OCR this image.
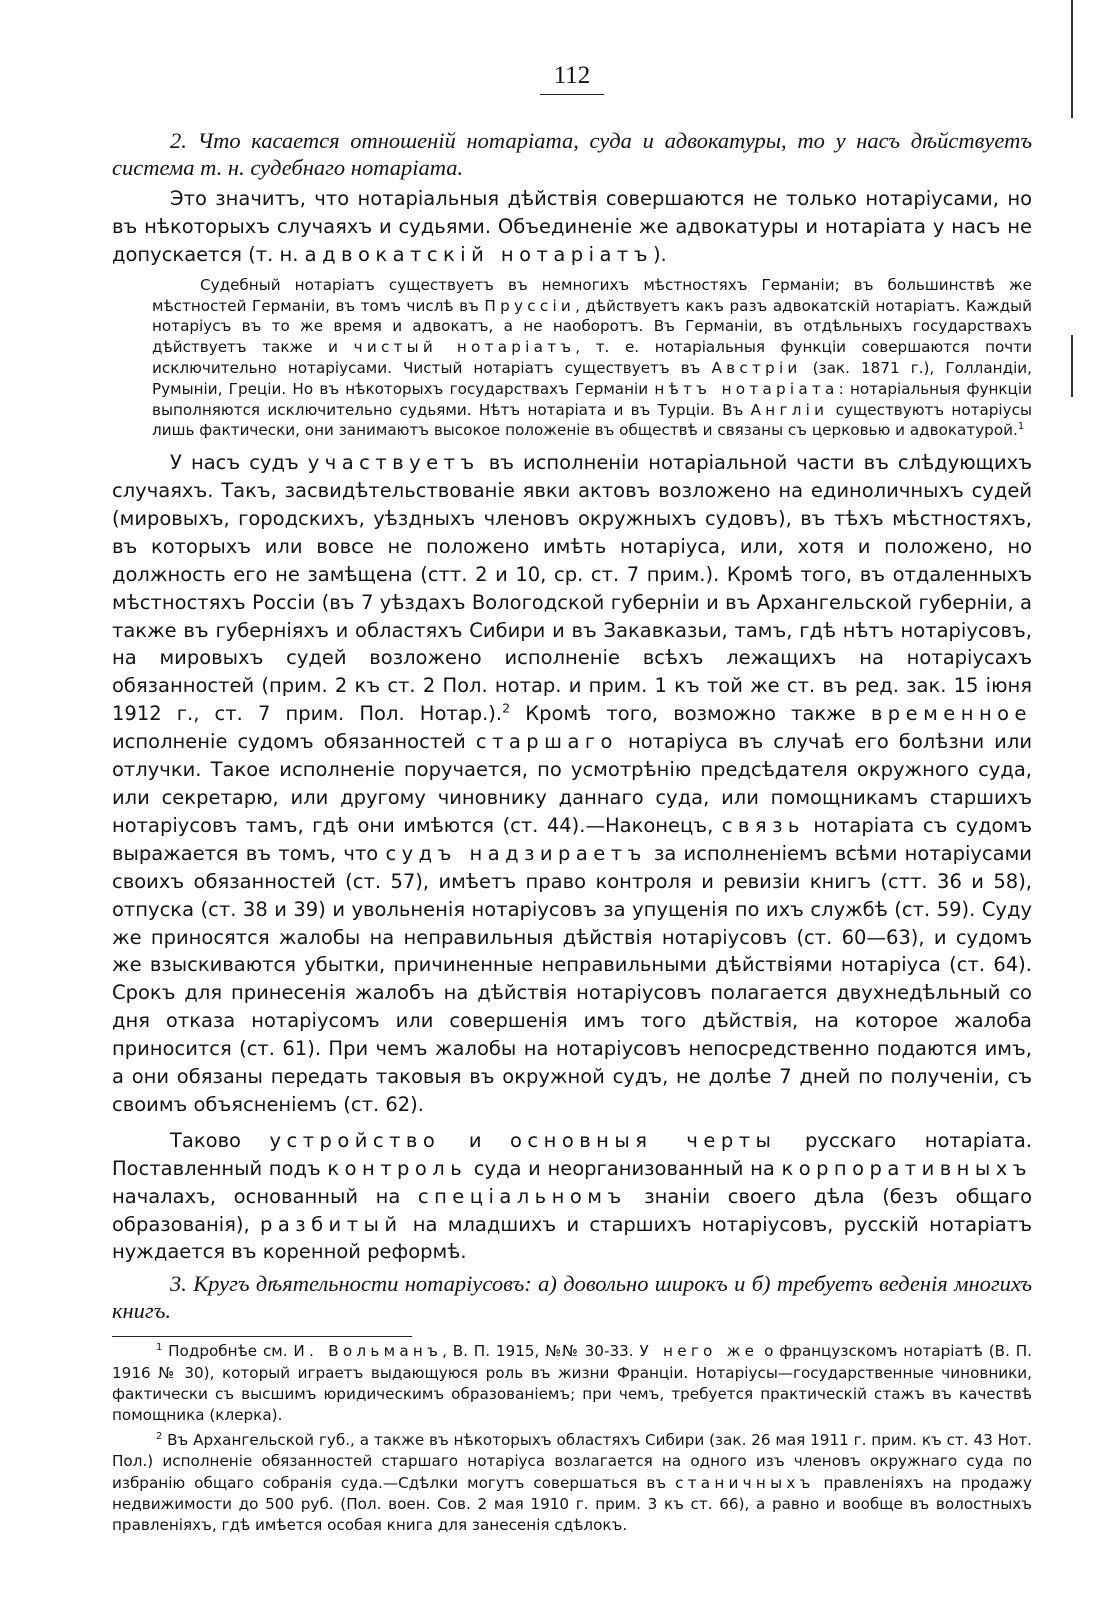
112

2. Что касается отношеній нотаріата, суда и адвокатуры, то у насъ дѣйствуетъ система т. н. судебнаго нотаріата.

Это значитъ, что нотаріальныя дѣйствія совершаются не только нотаріусами, но въ нѣкоторыхъ случаяхъ и судьями. Объединеніе же адвокатуры и нотаріата у насъ не допускается (т. н. адвокатскій нотаріатъ).

Судебный нотаріатъ существуетъ въ немногихъ мѣстностяхъ Германіи; въ большинствѣ же мѣстностей Германіи, въ томъ числѣ въ Пруссіи, дѣйствуетъ какъ разъ адвокатскій нотаріатъ. Каждый нотаріусъ въ то же время и адвокатъ, а не наоборотъ. Въ Германіи, въ отдѣльныхъ государствахъ дѣйствуетъ также и чистый нотаріатъ, т. е. нотаріальныя функціи совершаются почти исключительно нотаріусами. Чистый нотаріатъ существуетъ въ Австріи (зак. 1871 г.), Голландіи, Румыніи, Греціи. Но въ нѣкоторыхъ государствахъ Германіи нѣтъ нотаріата: нотаріальныя функціи выполняются исключительно судьями. Нѣтъ нотаріата и въ Турціи. Въ Англіи существуютъ нотаріусы лишь фактически, они занимаютъ высокое положеніе въ обществѣ и связаны съ церковью и адвокатурой.$^1$

У насъ судъ участвуетъ въ исполненіи нотаріальной части въ слѣдующихъ случаяхъ. Такъ, засвидѣтельствованіе явки актовъ возложено на единоличныхъ судей (мировыхъ, городскихъ, уѣздныхъ членовъ окружныхъ судовъ), въ тѣхъ мѣстностяхъ, въ которыхъ или вовсе не положено имѣть нотаріуса, или, хотя и положено, но должность его не замѣщена (стт. 2 и 10, ср. ст. 7 прим.). Кромѣ того, въ отдаленныхъ мѣстностяхъ Россіи (въ 7 уѣздахъ Вологодской губерніи и въ Архангельской губерніи, а также въ губерніяхъ и областяхъ Сибири и въ Закавказьи, тамъ, гдѣ нѣтъ нотаріусовъ, на мировыхъ судей возложено исполненіе всѣхъ лежащихъ на нотаріусахъ обязанностей (прим. 2 къ ст. 2 Пол. нотар. и прим. 1 къ той же ст. въ ред. зак. 15 іюня 1912 г., ст. 7 прим. Пол. Нотар.).$^2$ Кромѣ того, возможно также временное исполненіе судомъ обязанностей старшаго нотаріуса въ случаѣ его болѣзни или отлучки. Такое исполненіе поручается, по усмотрѣнію предсѣдателя окружного суда, или секретарю, или другому чиновнику даннаго суда, или помощникамъ старшихъ нотаріусовъ тамъ, гдѣ они имѣются (ст. 44).—Наконецъ, связь нотаріата съ судомъ выражается въ томъ, что судъ надзираетъ за исполненіемъ всѣми нотаріусами своихъ обязанностей (ст. 57), имѣетъ право контроля и ревизіи книгъ (стт. 36 и 58), отпуска (ст. 38 и 39) и увольненія нотаріусовъ за упущенія по ихъ службѣ (ст. 59). Суду же приносятся жалобы на неправильныя дѣйствія нотаріусовъ (ст. 60—63), и судомъ же взыскиваются убытки, причиненные неправильными дѣйствіями нотаріуса (ст. 64). Срокъ для принесенія жалобъ на дѣйствія нотаріусовъ полагается двухнедѣльный со дня отказа нотаріусомъ или совершенія имъ того дѣйствія, на которое жалоба приносится (ст. 61). При чемъ жалобы на нотаріусовъ непосредственно подаются имъ, а они обязаны передать таковыя въ окружной судъ, не долѣе 7 дней по полученіи, съ своимъ объясненіемъ (ст. 62).

Таково устройство и основныя черты русскаго нотаріата. Поставленный подъ контроль суда и неорганизованный на корпоративныхъ началахъ, основанный на спеціальномъ знаніи своего дѣла (безъ общаго образованія), разбитый на младшихъ и старшихъ нотаріусовъ, русскій нотаріатъ нуждается въ коренной реформѣ.

3. Кругъ дѣятельности нотаріусовъ: а) довольно широкъ и б) требуетъ веденія многихъ книгъ.

$^1$ Подробнѣе см. И. Вольманъ, В. П. 1915, №№ 30-33. У него же о французскомъ нотаріатѣ (В. П. 1916 № 30), который играетъ выдающуюся роль въ жизни Франціи. Нотаріусы—государственные чиновники, фактически съ высшимъ юридическимъ образованіемъ; при чемъ, требуется практическій стажъ въ качествѣ помощника (клерка).

$^2$ Въ Архангельской губ., а также въ нѣкоторыхъ областяхъ Сибири (зак. 26 мая 1911 г. прим. къ ст. 43 Нот. Пол.) исполненіе обязанностей старшаго нотаріуса возлагается на одного изъ членовъ окружнаго суда по избранію общаго собранія суда.—Сдѣлки могутъ совершаться въ станичныхъ правленіяхъ на продажу недвижимости до 500 руб. (Пол. воен. Сов. 2 мая 1910 г. прим. 3 къ ст. 66), а равно и вообще въ волостныхъ правленіяхъ, гдѣ имѣется особая книга для занесенія сдѣлокъ.
